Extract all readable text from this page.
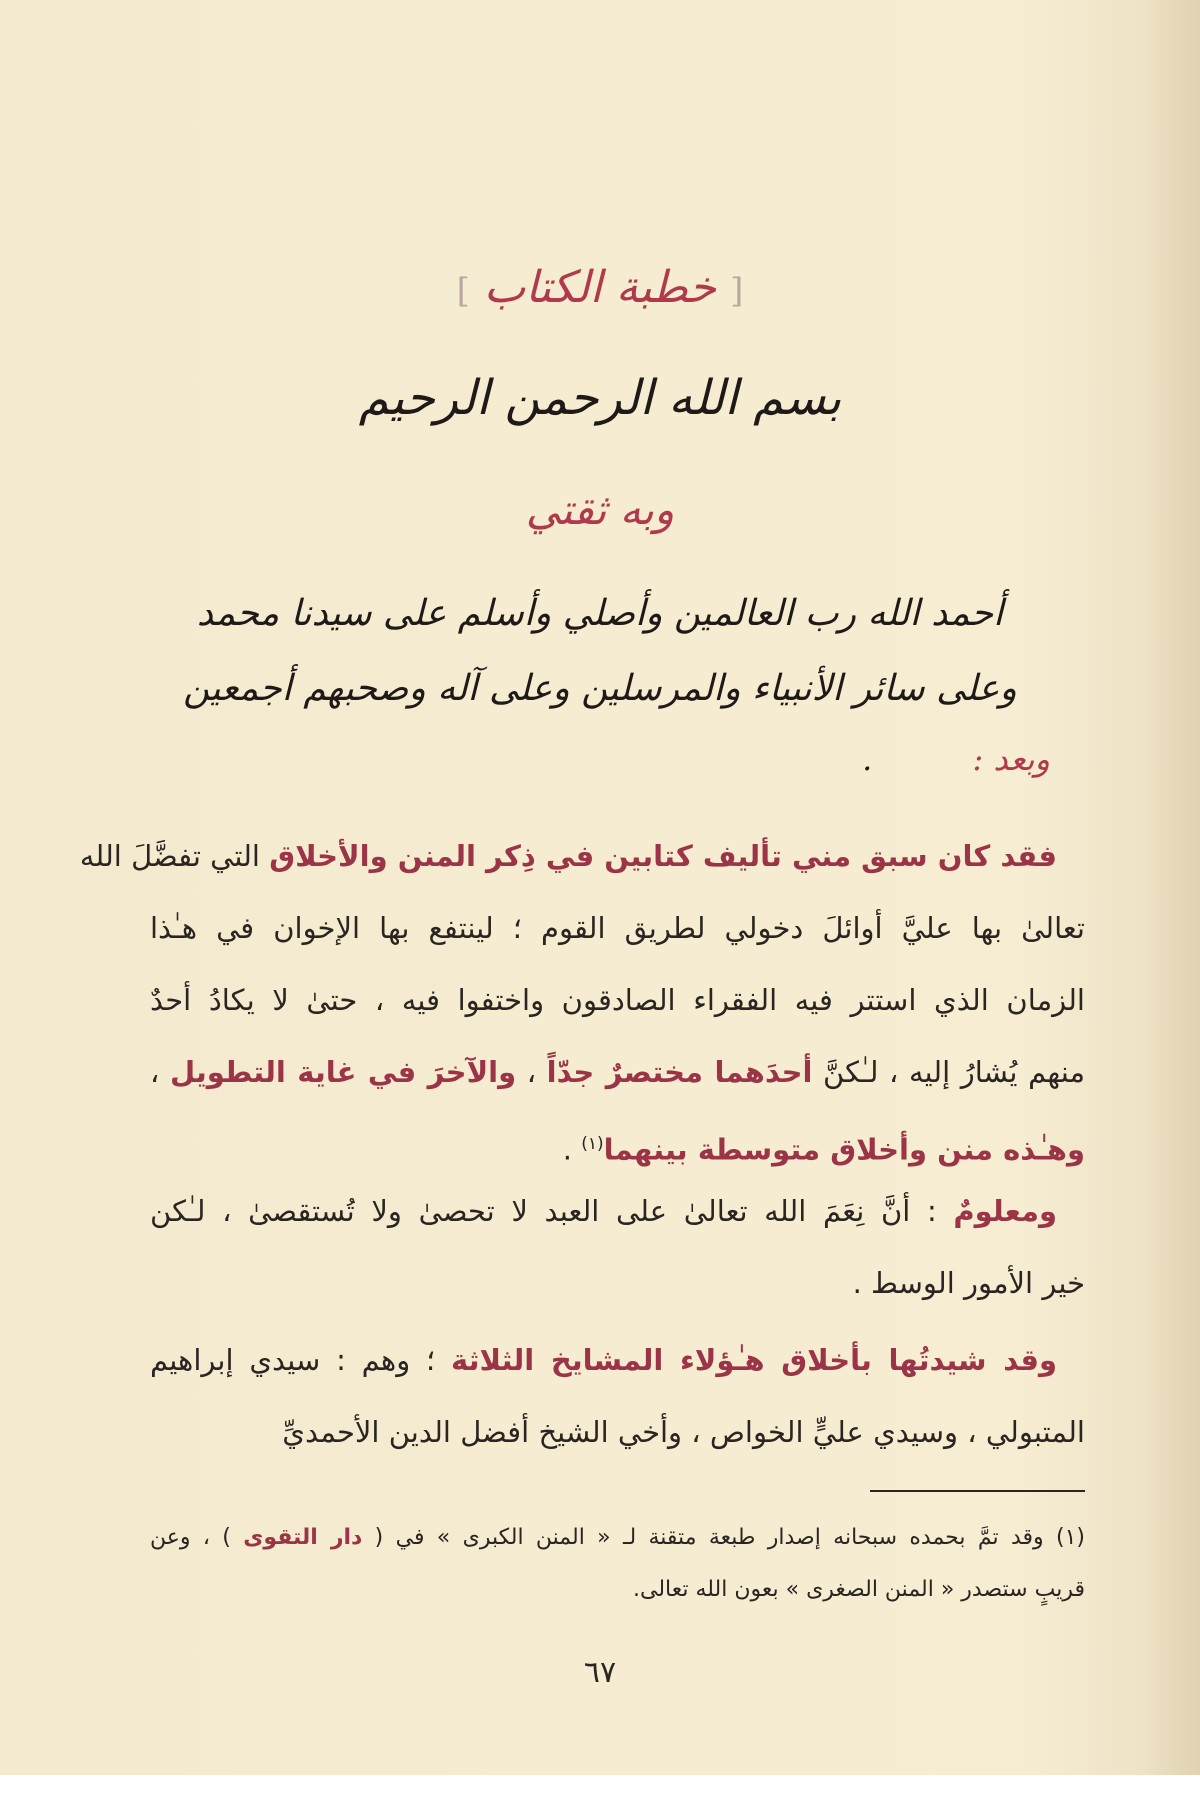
[ خطبة الكتاب ]
بسم الله الرحمن الرحيم
وبه ثقتي
أحمد الله رب العالمين وأصلي وأسلم على سيدنا محمد
وعلى سائر الأنبياء والمرسلين وعلى آله وصحبهم أجمعين
وبعد : .
فقد كان سبق مني تأليف كتابين في ذِكر المنن والأخلاق التي تفضَّلَ الله
تعالىٰ بها عليَّ أوائلَ دخولي لطريق القوم ؛ لينتفع بها الإخوان في هـٰذا
الزمان الذي استتر فيه الفقراء الصادقون واختفوا فيه ، حتىٰ لا يكادُ أحدٌ
منهم يُشارُ إليه ، لـٰكنَّ أحدَهما مختصرٌ جدّاً ، والآخرَ في غاية التطويل ،
وهـٰذه منن وأخلاق متوسطة بينهما$^{(١)}$ .
ومعلومٌ : أنَّ نِعَمَ الله تعالىٰ على العبد لا تحصىٰ ولا تُستقصىٰ ، لـٰكن
خير الأمور الوسط .
وقد شيدتُها بأخلاق هـٰؤلاء المشايخ الثلاثة ؛ وهم : سيدي إبراهيم
المتبولي ، وسيدي عليٍّ الخواص ، وأخي الشيخ أفضل الدين الأحمديِّ
(١) وقد تمَّ بحمده سبحانه إصدار طبعة متقنة لـ « المنن الكبرى » في ( دار التقوى ) ، وعن
قريبٍ ستصدر « المنن الصغرى » بعون الله تعالى.
٦٧
